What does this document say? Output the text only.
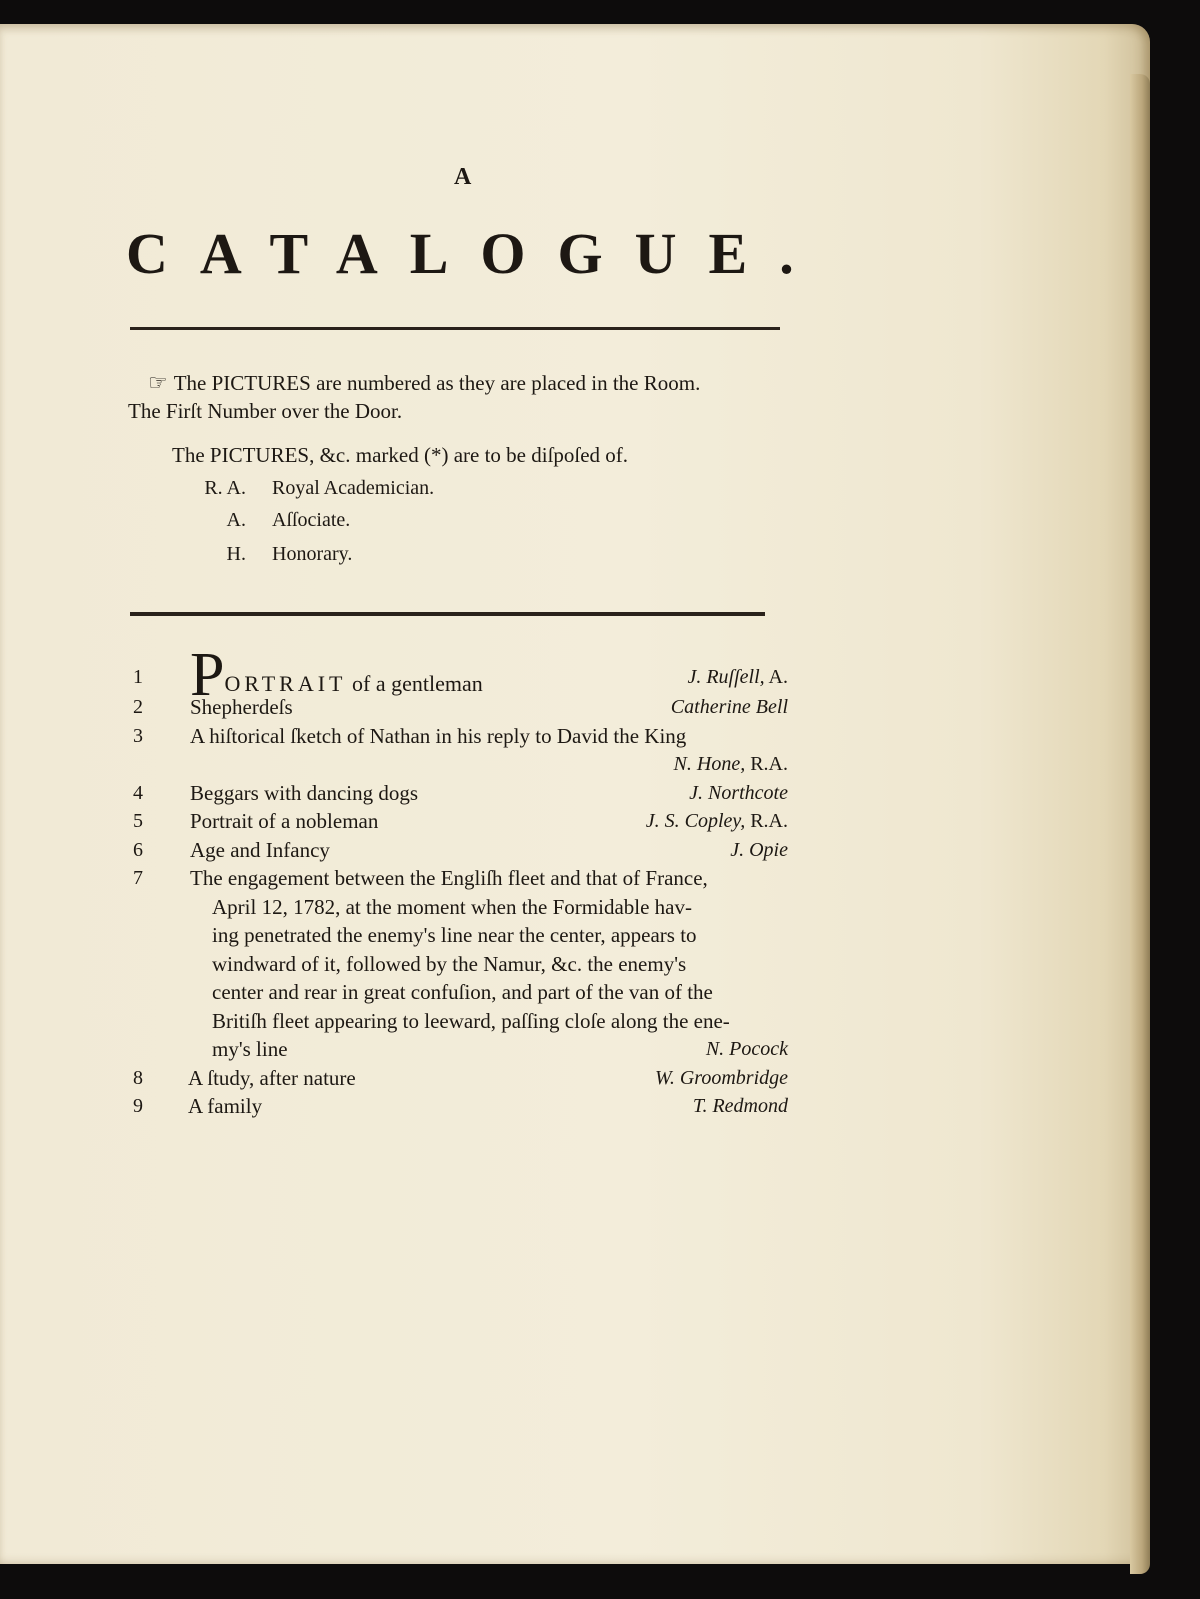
A
CATALOGUE.
☜ The PICTURES are numbered as they are placed in the Room.
The Firſt Number over the Door.
The PICTURES, &c. marked (*) are to be diſpoſed of.
R. A. Royal Academician.
A. Aſſociate.
H. Honorary.
1 PORTRAIT of a gentleman	J. Ruſſell, A.
2 Shepherdeſs	Catherine Bell
3 A hiſtorical ſketch of Nathan in his reply to David the King
N. Hone, R.A.
4 Beggars with dancing dogs	J. Northcote
5 Portrait of a nobleman	J. S. Copley, R.A.
6 Age and Infancy	J. Opie
7 The engagement between the Engliſh fleet and that of France,
April 12, 1782, at the moment when the Formidable hav-
ing penetrated the enemy's line near the center, appears to
windward of it, followed by the Namur, &c. the enemy's
center and rear in great confuſion, and part of the van of the
Britiſh fleet appearing to leeward, paſſing cloſe along the ene-
my's line	N. Pocock
8 A ſtudy, after nature	W. Groombridge
9 A family	T. Redmond
